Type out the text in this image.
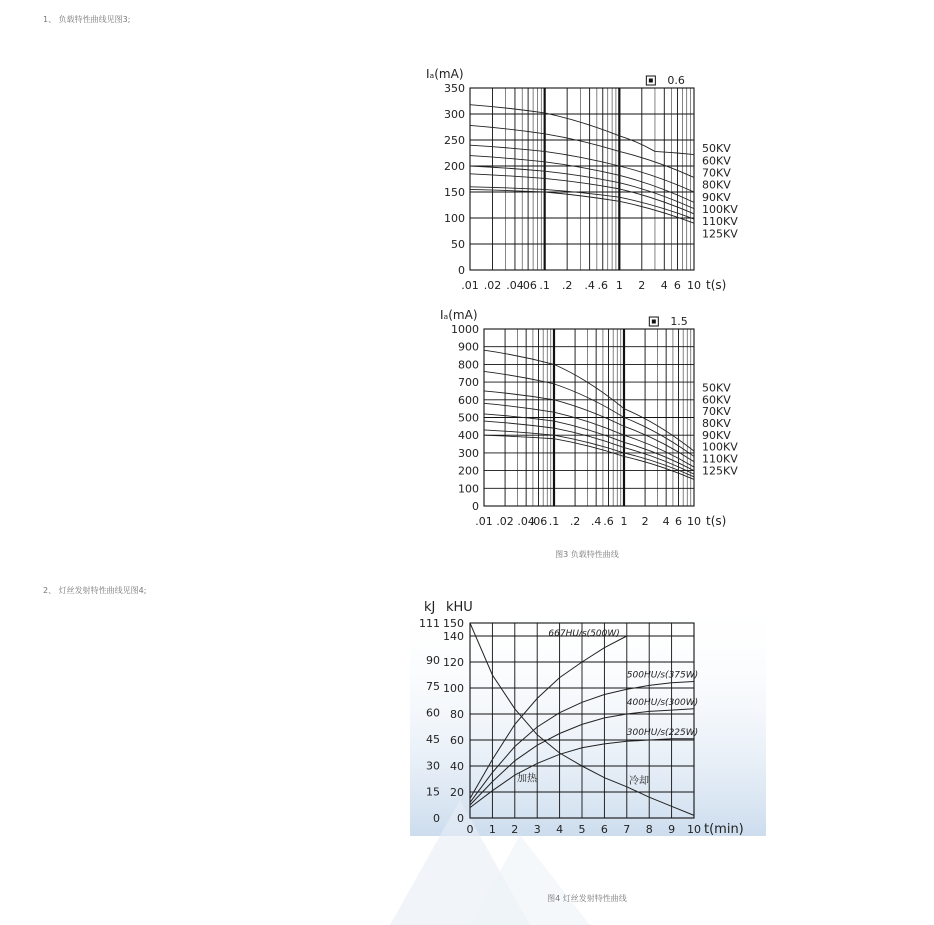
1、 负载特性曲线见图3;
2、 灯丝发射特性曲线见图4;
0
50
100
150
200
250
300
350
.01 .02 .04
.06 .1 .2 .4 .6 1 2 4 6 10 t(s)
Iₐ(mA)	0.6
50KV
60KV
70KV
80KV
90KV
100KV
110KV
125KV
0
100
200
300
400
500
600
700
800
900
1000
.01 .02 .04
.06 .1 .2 .4 .6 1 2 4 6 10 t(s)
Iₐ(mA)	1.5
50KV
60KV
70KV
80KV
90KV
100KV
110KV
125KV
0
20
40
60
80
100
120
140
150
0
15
30
45
60
75
90
111
0 1 2 3 4 5 6 7 8 9 10 t(min)
kJ kHU
667HU/s(500W)
500HU/s(375W)
400HU/s(300W)
300HU/s(225W)
加热	冷却
图3 负载特性曲线
图4 灯丝发射特性曲线
